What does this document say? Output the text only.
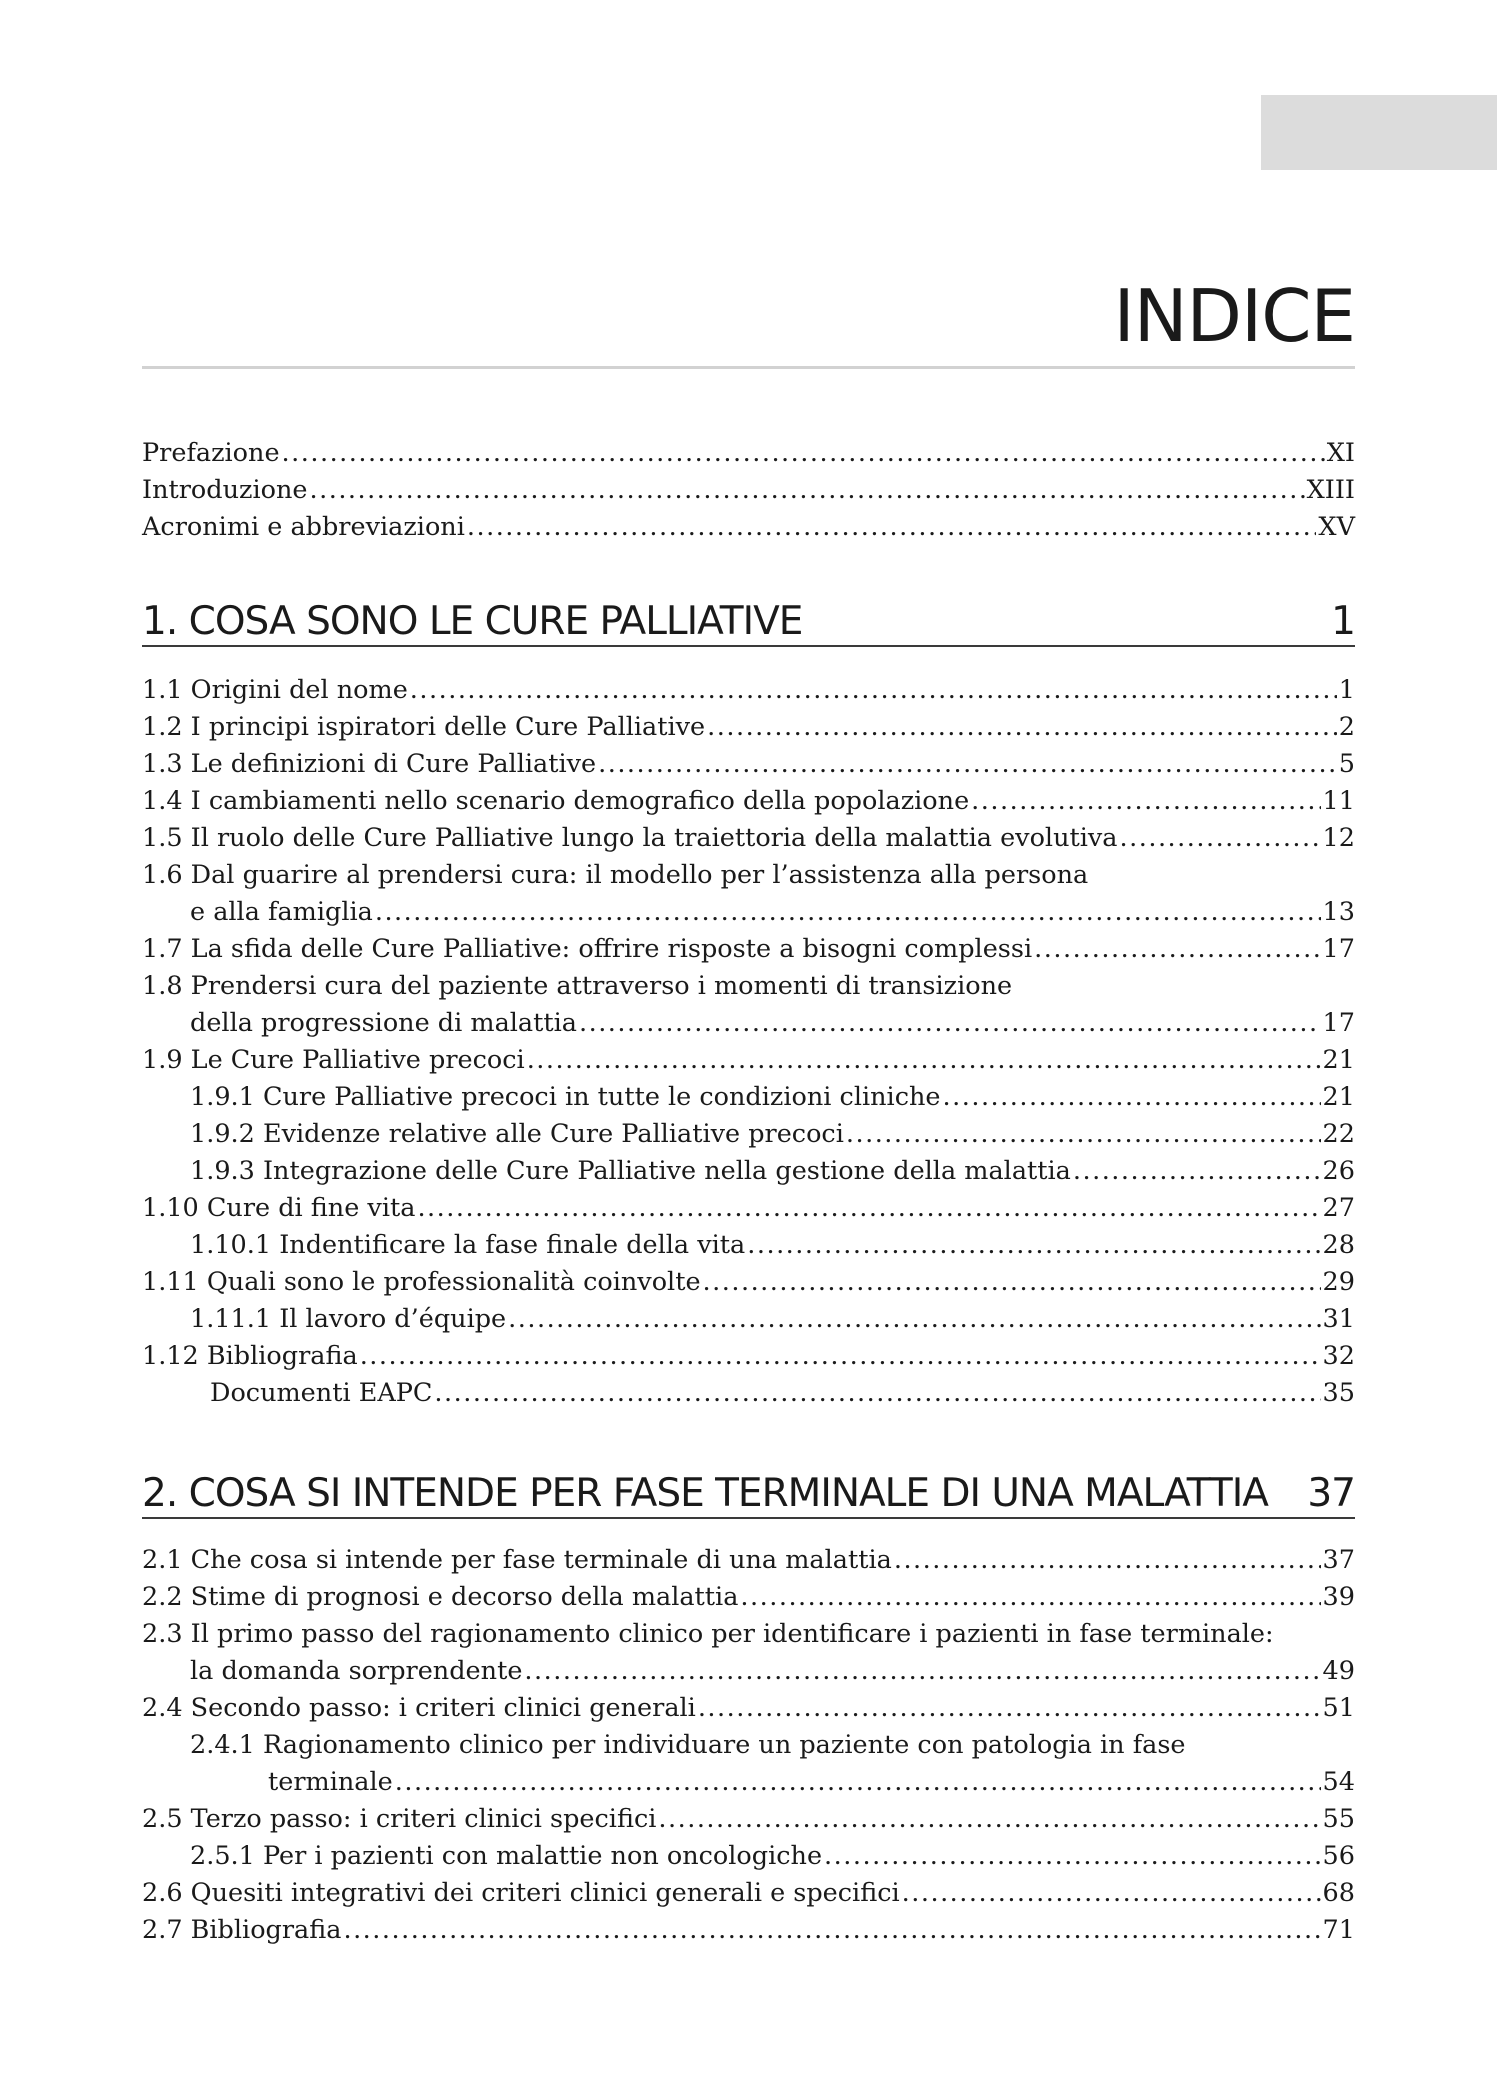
INDICE
Prefazione .....	XI
Introduzione .....	XIII
Acronimi e abbreviazioni .....	XV
1. COSA SONO LE CURE PALLIATIVE	1
1.1 Origini del nome .....	1
1.2 I principi ispiratori delle Cure Palliative .....	2
1.3 Le definizioni di Cure Palliative .....	5
1.4 I cambiamenti nello scenario demografico della popolazione .....	11
1.5 Il ruolo delle Cure Palliative lungo la traiettoria della malattia evolutiva .....	12
1.6 Dal guarire al prendersi cura: il modello per l’assistenza alla persona
e alla famiglia .....	13
1.7 La sfida delle Cure Palliative: offrire risposte a bisogni complessi .....	17
1.8 Prendersi cura del paziente attraverso i momenti di transizione
della progressione di malattia .....	17
1.9 Le Cure Palliative precoci .....	21
1.9.1 Cure Palliative precoci in tutte le condizioni cliniche .....	21
1.9.2 Evidenze relative alle Cure Palliative precoci .....	22
1.9.3 Integrazione delle Cure Palliative nella gestione della malattia .....	26
1.10 Cure di fine vita .....	27
1.10.1 Indentificare la fase finale della vita .....	28
1.11 Quali sono le professionalità coinvolte .....	29
1.11.1 Il lavoro d’équipe .....	31
1.12 Bibliografia .....	32
Documenti EAPC .....	35
2. COSA SI INTENDE PER FASE TERMINALE DI UNA MALATTIA 37
2.1 Che cosa si intende per fase terminale di una malattia .....	37
2.2 Stime di prognosi e decorso della malattia .....	39
2.3 Il primo passo del ragionamento clinico per identificare i pazienti in fase terminale:
la domanda sorprendente .....	49
2.4 Secondo passo: i criteri clinici generali .....	51
2.4.1 Ragionamento clinico per individuare un paziente con patologia in fase
terminale .....	54
2.5 Terzo passo: i criteri clinici specifici .....	55
2.5.1 Per i pazienti con malattie non oncologiche .....	56
2.6 Quesiti integrativi dei criteri clinici generali e specifici .....	68
2.7 Bibliografia .....	71
